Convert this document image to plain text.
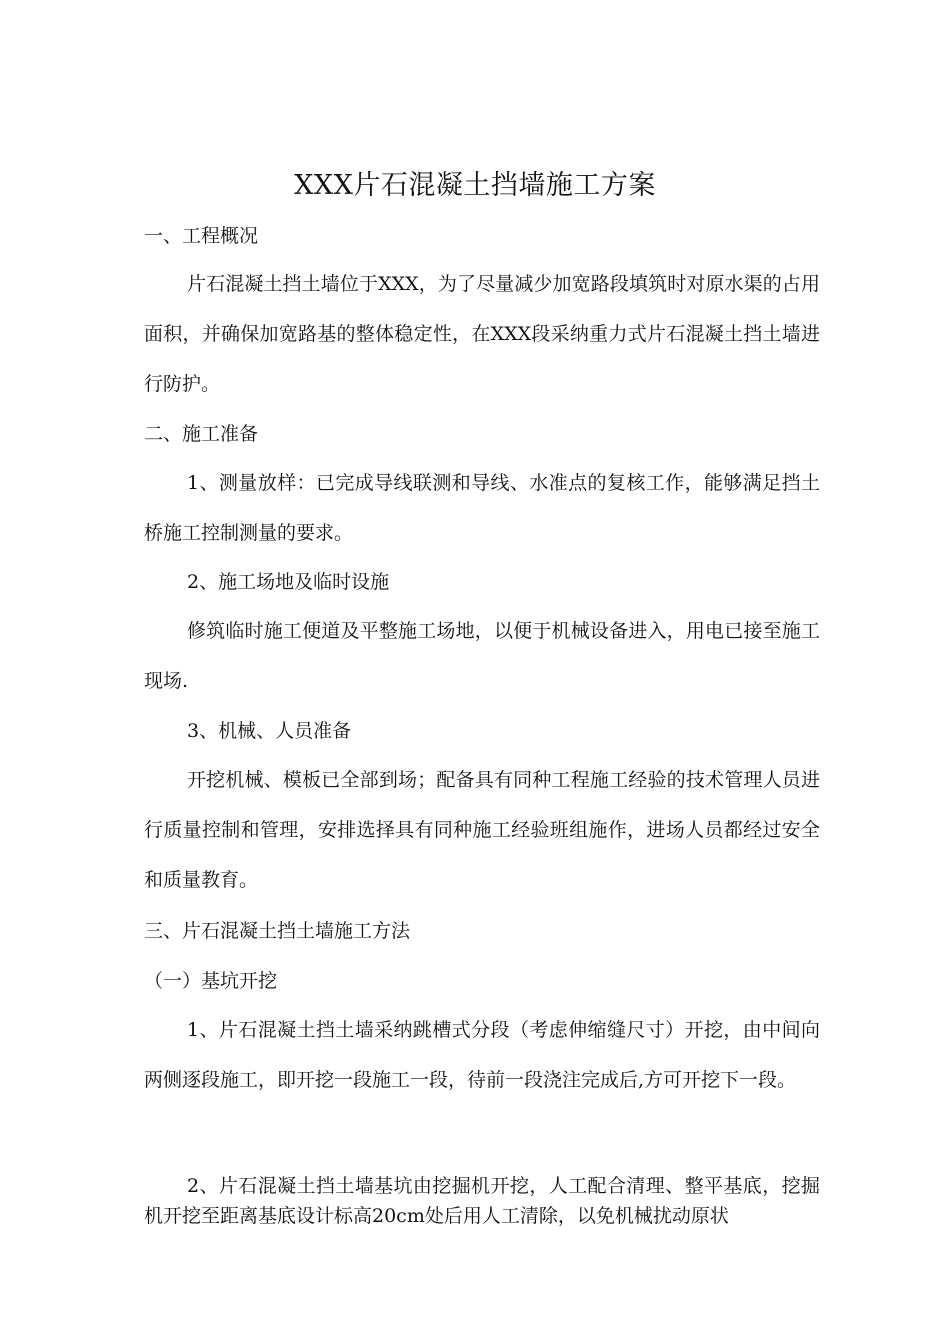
XXX片石混凝土挡墙施工方案
一、工程概况

片石混凝土挡土墙位于XXX，为了尽量减少加宽路段填筑时对原水渠的占用面积，并确保加宽路基的整体稳定性，在XXX段采纳重力式片石混凝土挡土墙进行防护。

二、施工准备

1、测量放样：已完成导线联测和导线、水准点的复核工作，能够满足挡土桥施工控制测量的要求。

2、施工场地及临时设施

修筑临时施工便道及平整施工场地，以便于机械设备进入，用电已接至施工现场.

3、机械、人员准备

开挖机械、模板已全部到场；配备具有同种工程施工经验的技术管理人员进行质量控制和管理，安排选择具有同种施工经验班组施作，进场人员都经过安全和质量教育。

三、片石混凝土挡土墙施工方法
（一）基坑开挖

1、片石混凝土挡土墙采纳跳槽式分段（考虑伸缩缝尺寸）开挖，由中间向两侧逐段施工，即开挖一段施工一段，待前一段浇注完成后,方可开挖下一段。

2、片石混凝土挡土墙基坑由挖掘机开挖，人工配合清理、整平基底，挖掘机开挖至距离基底设计标高20cm处后用人工清除，以免机械扰动原状
